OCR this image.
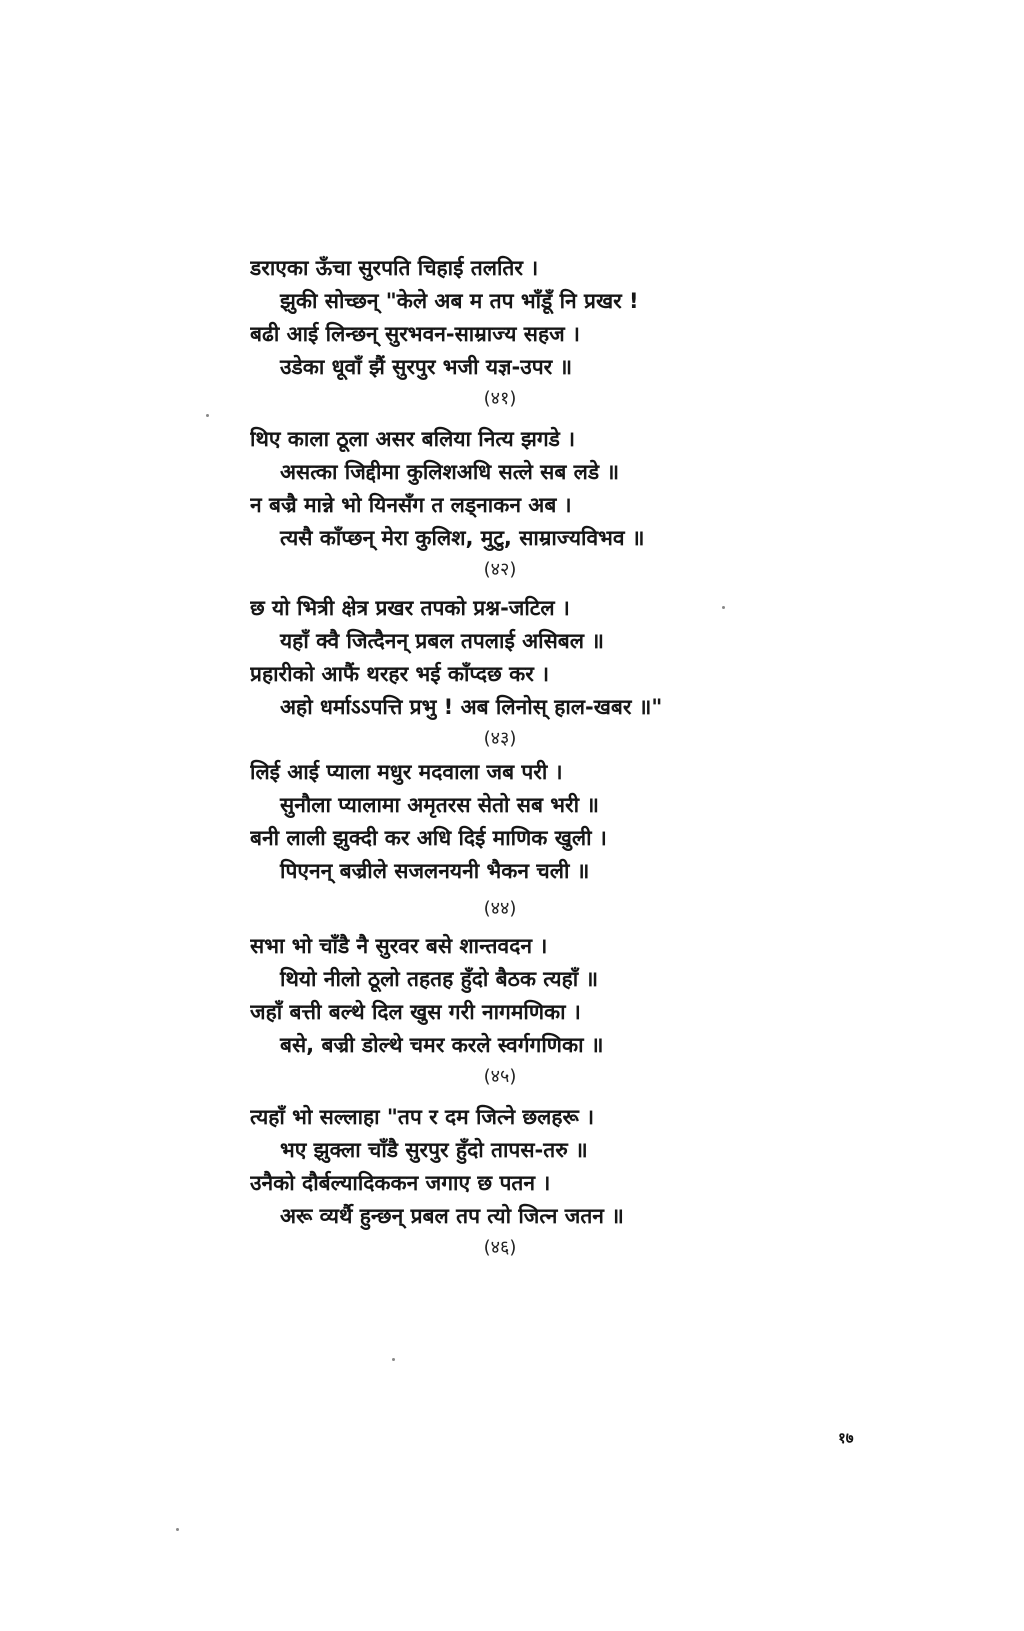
डराएका ऊँचा सुरपति चिहाई तलतिर ।
झुकी सोच्छन् "केले अब म तप भाँडूँ नि प्रखर !
बढी आई लिन्छन् सुरभवन-साम्राज्य सहज ।
उडेका धूवाँ झैं सुरपुर भजी यज्ञ-उपर ॥
(४१)
थिए काला ठूला असर बलिया नित्य झगडे ।
असत्का जिद्दीमा कुलिशअधि सत्ले सब लडे ॥
न बज्रै मान्ने भो यिनसँग त लड्नाकन अब ।
त्यसै काँप्छन् मेरा कुलिश, मुटु, साम्राज्यविभव ॥
(४२)
छ यो भित्री क्षेत्र प्रखर तपको प्रश्न-जटिल ।
यहाँ क्वै जित्दैनन् प्रबल तपलाई असिबल ॥
प्रहारीको आफैं थरहर भई काँप्दछ कर ।
अहो धर्माऽऽपत्ति प्रभु ! अब लिनोस् हाल-खबर ॥"
(४३)
लिई आई प्याला मधुर मदवाला जब परी ।
सुनौला प्यालामा अमृतरस सेतो सब भरी ॥
बनी लाली झुक्दी कर अधि दिई माणिक खुली ।
पिएनन् बज्रीले सजलनयनी भैकन चली ॥
(४४)
सभा भो चाँडै नै सुरवर बसे शान्तवदन ।
थियो नीलो ठूलो तहतह हुँदो बैठक त्यहाँ ॥
जहाँ बत्ती बल्थे दिल खुस गरी नागमणिका ।
बसे, बज्री डोल्थे चमर करले स्वर्गगणिका ॥
(४५)
त्यहाँ भो सल्लाहा "तप र दम जित्ने छलहरू ।
भए झुक्ला चाँडै सुरपुर हुँदो तापस-तरु ॥
उनैको दौर्बल्यादिककन जगाए छ पतन ।
अरू व्यर्थै हुन्छन् प्रबल तप त्यो जित्न जतन ॥
(४६)
१७
